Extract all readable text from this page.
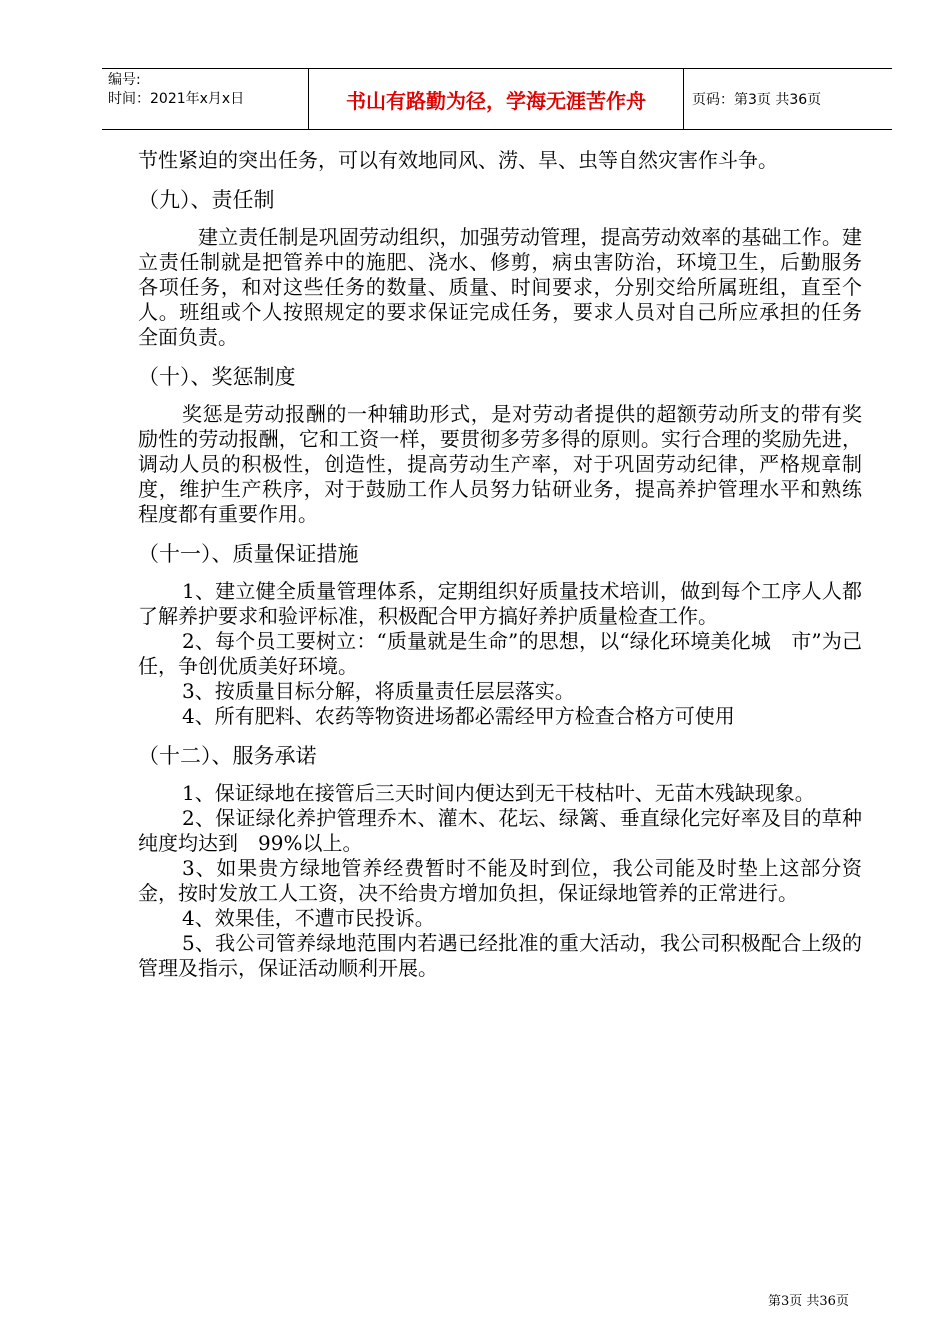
编号:
时间：2021年x月x日	书山有路勤为径，学海无涯苦作舟	页码：第3页 共36页

节性紧迫的突出任务，可以有效地同风、涝、旱、虫等自然灾害作斗争。

（九）、责任制

建立责任制是巩固劳动组织，加强劳动管理，提高劳动效率的基础工作。建立责任制就是把管养中的施肥、浇水、修剪，病虫害防治，环境卫生，后勤服务　各项任务，和对这些任务的数量、质量、时间要求，分别交给所属班组，直至个　人。班组或个人按照规定的要求保证完成任务，要求人员对自己所应承担的任务　全面负责。

（十）、奖惩制度

奖惩是劳动报酬的一种辅助形式，是对劳动者提供的超额劳动所支的带有奖　励性的劳动报酬，它和工资一样，要贯彻多劳多得的原则。实行合理的奖励先进，调动人员的积极性，创造性，提高劳动生产率，对于巩固劳动纪律，严格规章制度，维护生产秩序，对于鼓励工作人员努力钻研业务，提高养护管理水平和熟练　程度都有重要作用。

（十一）、质量保证措施

1、建立健全质量管理体系，定期组织好质量技术培训，做到每个工序人人都了解养护要求和验评标准，积极配合甲方搞好养护质量检查工作。

2、每个员工要树立：“质量就是生命”的思想，以“绿化环境美化城　市”为己任，争创优质美好环境。

3、按质量目标分解，将质量责任层层落实。

4、所有肥料、农药等物资进场都必需经甲方检查合格方可使用

（十二）、服务承诺

1、保证绿地在接管后三天时间内便达到无干枝枯叶、无苗木残缺现象。

2、保证绿化养护管理乔木、灌木、花坛、绿篱、垂直绿化完好率及目的草种纯度均达到　99%以上。

3、如果贵方绿地管养经费暂时不能及时到位，我公司能及时垫上这部分资金，按时发放工人工资，决不给贵方增加负担，保证绿地管养的正常进行。

4、效果佳，不遭市民投诉。

5、我公司管养绿地范围内若遇已经批准的重大活动，我公司积极配合上级的管理及指示，保证活动顺利开展。

第3页 共36页
